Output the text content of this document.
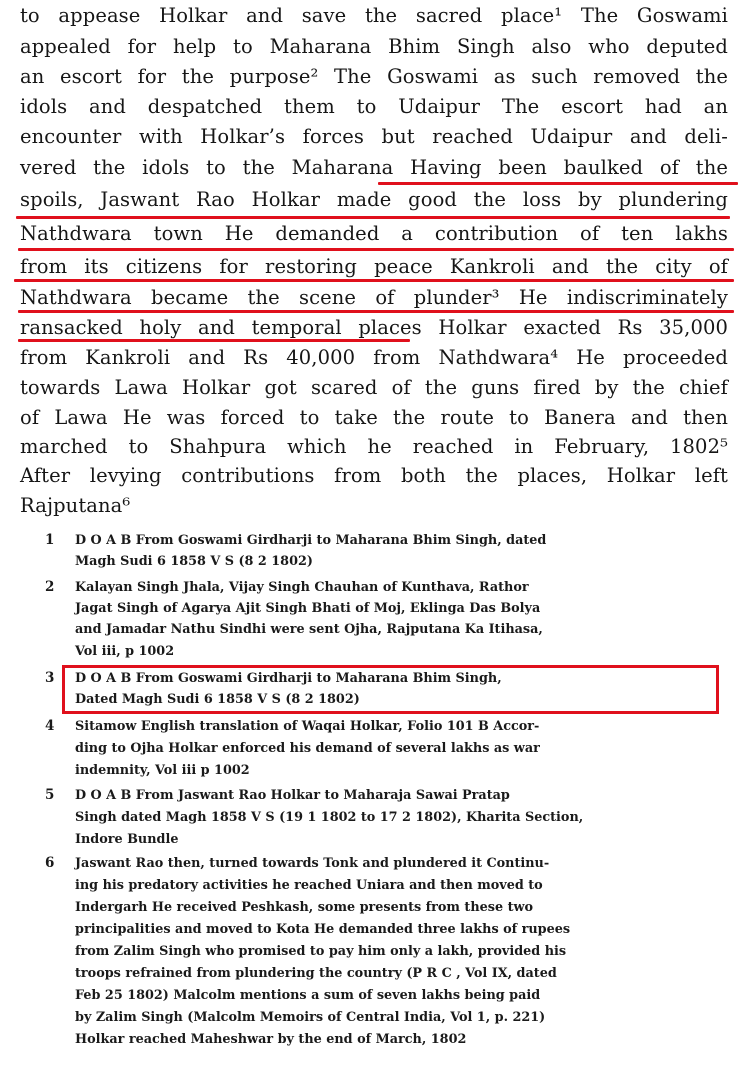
to appease Holkar and save the sacred place¹ The Goswami
appealed for help to Maharana Bhim Singh also who deputed
an escort for the purpose² The Goswami as such removed the
idols and despatched them to Udaipur The escort had an
encounter with Holkar’s forces but reached Udaipur and deli-
vered the idols to the Maharana Having been baulked of the
spoils, Jaswant Rao Holkar made good the loss by plundering
Nathdwara town He demanded a contribution of ten lakhs
from its citizens for restoring peace Kankroli and the city of
Nathdwara became the scene of plunder³ He indiscriminately
ransacked holy and temporal places Holkar exacted Rs 35,000
from Kankroli and Rs 40,000 from Nathdwara⁴ He proceeded
towards Lawa Holkar got scared of the guns fired by the chief
of Lawa He was forced to take the route to Banera and then
marched to Shahpura which he reached in February, 1802⁵
After levying contributions from both the places, Holkar left
Rajputana⁶
1 D O A B From Goswami Girdharji to Maharana Bhim Singh, dated
Magh Sudi 6 1858 V S (8 2 1802)
2 Kalayan Singh Jhala, Vijay Singh Chauhan of Kunthava, Rathor
Jagat Singh of Agarya Ajit Singh Bhati of Moj, Eklinga Das Bolya
and Jamadar Nathu Sindhi were sent Ojha, Rajputana Ka Itihasa,
Vol iii, p 1002
3 D O A B From Goswami Girdharji to Maharana Bhim Singh,
Dated Magh Sudi 6 1858 V S (8 2 1802)
4 Sitamow English translation of Waqai Holkar, Folio 101 B Accor-
ding to Ojha Holkar enforced his demand of several lakhs as war
indemnity, Vol iii p 1002
5 D O A B From Jaswant Rao Holkar to Maharaja Sawai Pratap
Singh dated Magh 1858 V S (19 1 1802 to 17 2 1802), Kharita Section,
Indore Bundle
6 Jaswant Rao then, turned towards Tonk and plundered it Continu-
ing his predatory activities he reached Uniara and then moved to
Indergarh He received Peshkash, some presents from these two
principalities and moved to Kota He demanded three lakhs of rupees
from Zalim Singh who promised to pay him only a lakh, provided his
troops refrained from plundering the country (P R C , Vol IX, dated
Feb 25 1802) Malcolm mentions a sum of seven lakhs being paid
by Zalim Singh (Malcolm Memoirs of Central India, Vol 1, p. 221)
Holkar reached Maheshwar by the end of March, 1802
